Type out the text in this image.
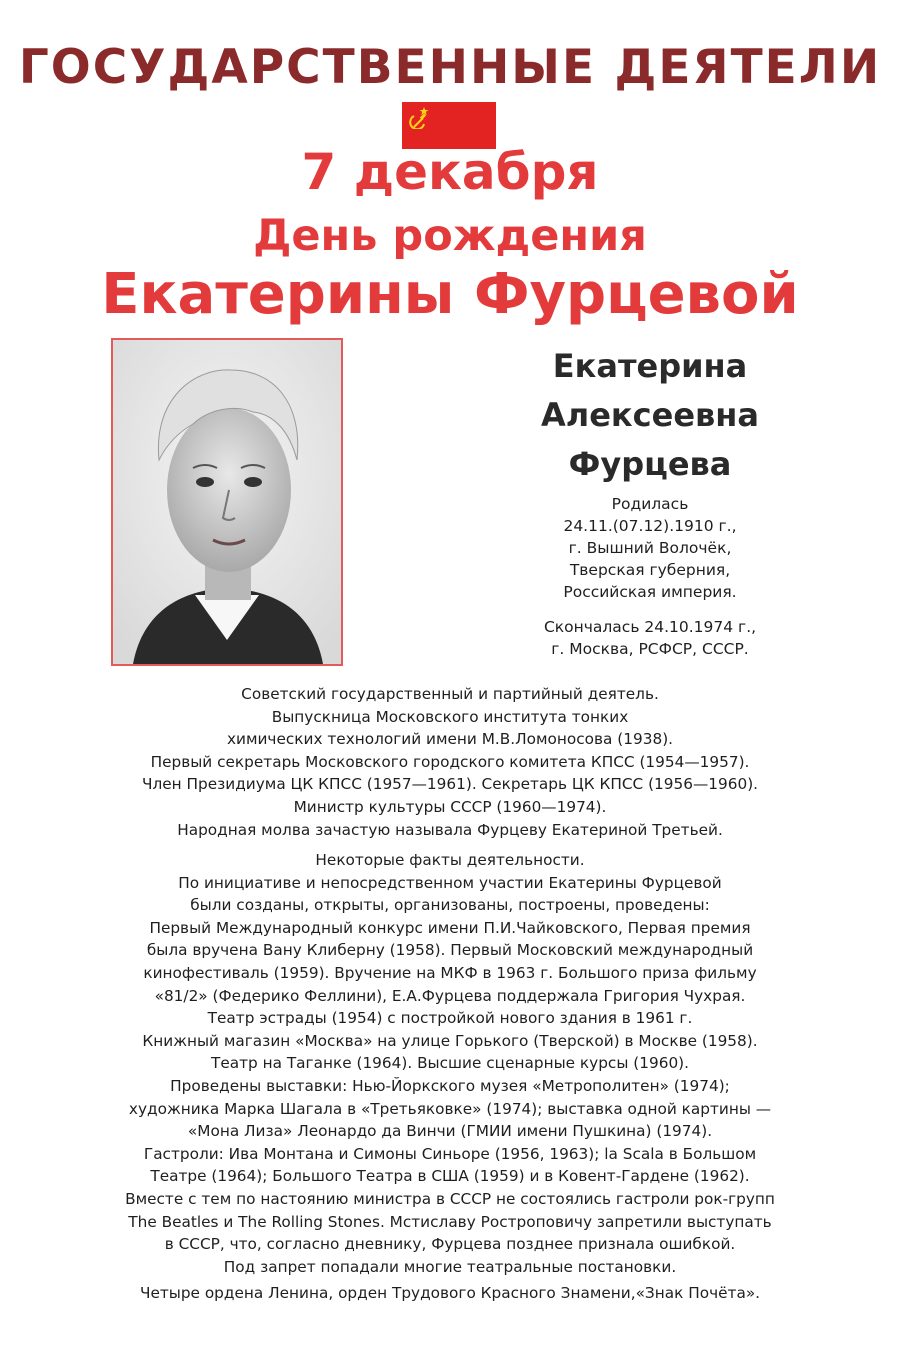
ГОСУДАРСТВЕННЫЕ ДЕЯТЕЛИ
7 декабря
День рождения
Екатерины Фурцевой
Екатерина
Алексеевна
Фурцева
Родилась
24.11.(07.12).1910 г.,
г. Вышний Волочёк,
Тверская губерния,
Российская империя.
Скончалась 24.10.1974 г.,
г. Москва, РСФСР, СССР.
Советский государственный и партийный деятель.
Выпускница Московского института тонких
химических технологий имени М.В.Ломоносова (1938).
Первый секретарь Московского городского комитета КПСС (1954—1957).
Член Президиума ЦК КПСС (1957—1961). Секретарь ЦК КПСС (1956—1960).
Министр культуры СССР (1960—1974).
Народная молва зачастую называла Фурцеву Екатериной Третьей.
Некоторые факты деятельности.
По инициативе и непосредственном участии Екатерины Фурцевой
были созданы, открыты, организованы, построены, проведены:
Первый Международный конкурс имени П.И.Чайковского, Первая премия
была вручена Вану Клиберну (1958). Первый Московский международный
кинофестиваль (1959). Вручение на МКФ в 1963 г. Большого приза фильму
«81/2» (Федерико Феллини), Е.А.Фурцева поддержала Григория Чухрая.
Театр эстрады (1954) с постройкой нового здания в 1961 г.
Книжный магазин «Москва» на улице Горького (Тверской) в Москве (1958).
Театр на Таганке (1964). Высшие сценарные курсы (1960).
Проведены выставки: Нью-Йоркского музея «Метрополитен» (1974);
художника Марка Шагала в «Третьяковке» (1974); выставка одной картины —
«Мона Лиза» Леонардо да Винчи (ГМИИ имени Пушкина) (1974).
Гастроли: Ива Монтана и Симоны Синьоре (1956, 1963); la Scala в Большом
Театре (1964); Большого Театра в США (1959) и в Ковент-Гардене (1962).
Вместе с тем по настоянию министра в СССР не состоялись гастроли рок-групп
The Beatles и The Rolling Stones. Мстиславу Ростроповичу запретили выступать
в СССР, что, согласно дневнику, Фурцева позднее признала ошибкой.
Под запрет попадали многие театральные постановки.
Четыре ордена Ленина, орден Трудового Красного Знамени,«Знак Почёта».
